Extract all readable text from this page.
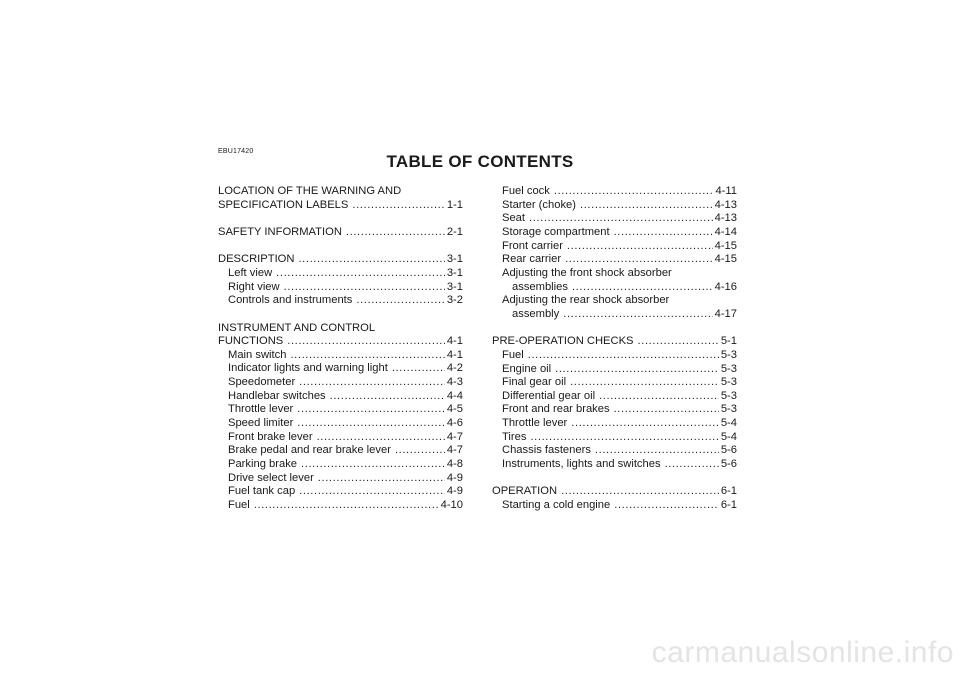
EBU17420
TABLE OF CONTENTS
LOCATION OF THE WARNING AND
SPECIFICATION LABELS .....	1-1
SAFETY INFORMATION .....	2-1
DESCRIPTION .....	3-1
Left view .....	3-1
Right view .....	3-1
Controls and instruments .....	3-2
INSTRUMENT AND CONTROL
FUNCTIONS .....	4-1
Main switch .....	4-1
Indicator lights and warning light .....	4-2
Speedometer .....	4-3
Handlebar switches .....	4-4
Throttle lever .....	4-5
Speed limiter .....	4-6
Front brake lever .....	4-7
Brake pedal and rear brake lever .....	4-7
Parking brake .....	4-8
Drive select lever .....	4-9
Fuel tank cap .....	4-9
Fuel .....	4-10
Fuel cock .....	4-11
Starter (choke) .....	4-13
Seat .....	4-13
Storage compartment .....	4-14
Front carrier .....	4-15
Rear carrier .....	4-15
Adjusting the front shock absorber
assemblies .....	4-16
Adjusting the rear shock absorber
assembly .....	4-17
PRE-OPERATION CHECKS .....	5-1
Fuel .....	5-3
Engine oil .....	5-3
Final gear oil .....	5-3
Differential gear oil .....	5-3
Front and rear brakes .....	5-3
Throttle lever .....	5-4
Tires .....	5-4
Chassis fasteners .....	5-6
Instruments, lights and switches .....	5-6
OPERATION .....	6-1
Starting a cold engine .....	6-1
carmanualsonline.info
